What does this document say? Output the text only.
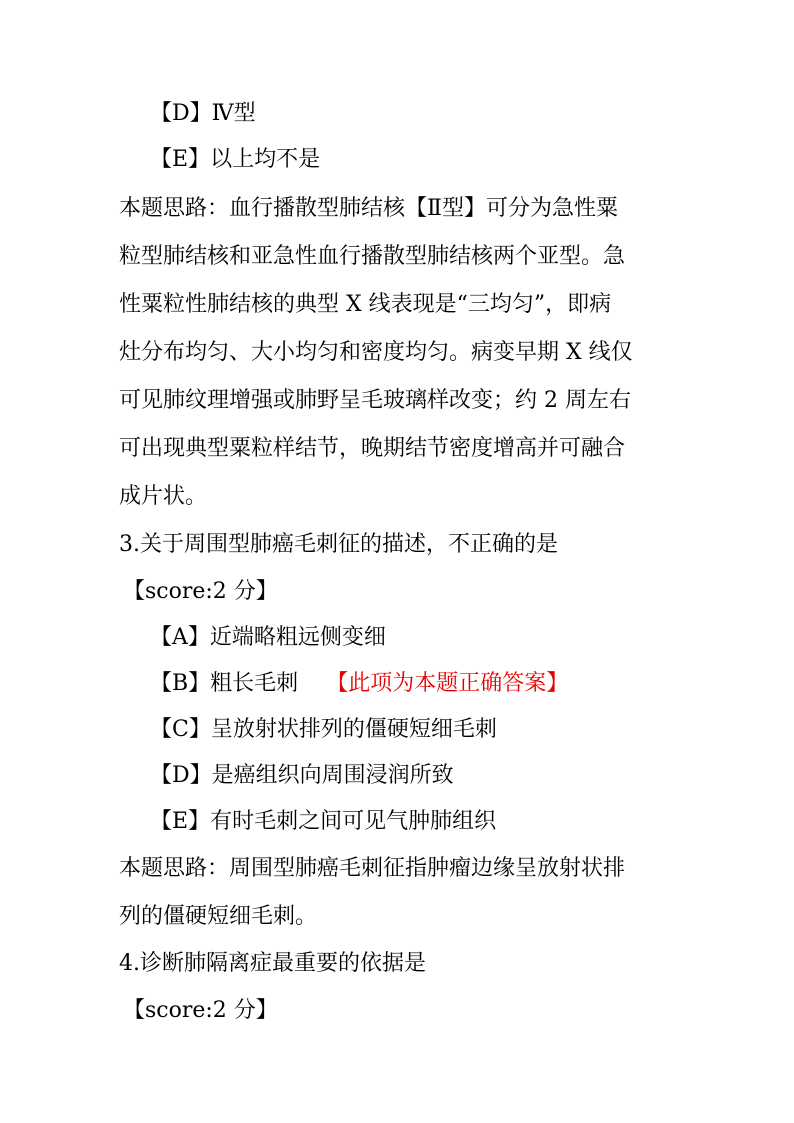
【D】Ⅳ型
【E】以上均不是
本题思路：血行播散型肺结核【Ⅱ型】可分为急性粟
粒型肺结核和亚急性血行播散型肺结核两个亚型。急
性粟粒性肺结核的典型 X 线表现是“三均匀”，即病
灶分布均匀、大小均匀和密度均匀。病变早期 X 线仅
可见肺纹理增强或肺野呈毛玻璃样改变；约 2 周左右
可出现典型粟粒样结节，晚期结节密度增高并可融合
成片状。
3.关于周围型肺癌毛刺征的描述，不正确的是
【score:2 分】
【A】近端略粗远侧变细
【B】粗长毛刺 【此项为本题正确答案】
【C】呈放射状排列的僵硬短细毛刺
【D】是癌组织向周围浸润所致
【E】有时毛刺之间可见气肿肺组织
本题思路：周围型肺癌毛刺征指肿瘤边缘呈放射状排
列的僵硬短细毛刺。
4.诊断肺隔离症最重要的依据是
【score:2 分】
